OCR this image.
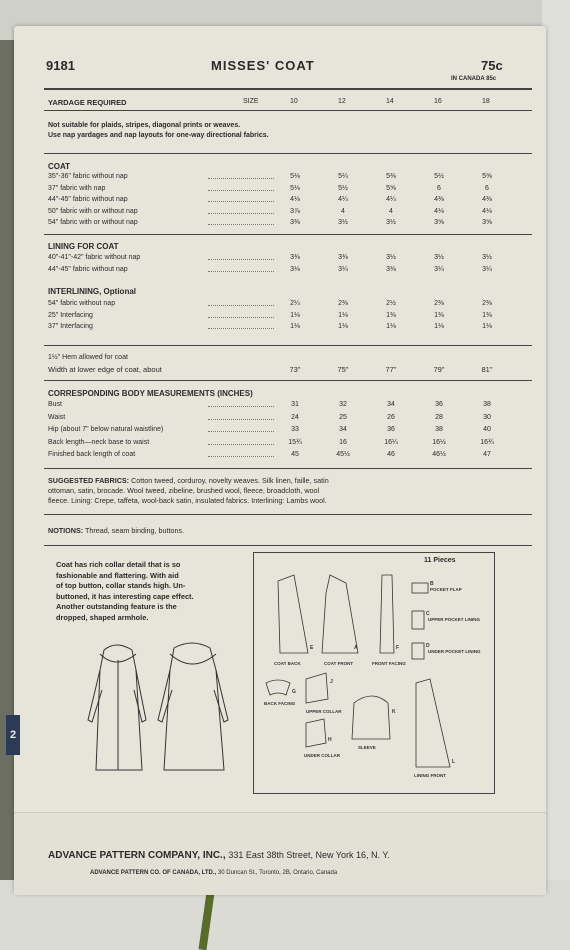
2
9181	MISSES' COAT	75c
IN CANADA 85c
YARDAGE REQUIRED	SIZE	10	12	14	16	18
Not suitable for plaids, stripes, diagonal prints or weaves.
Use nap yardages and nap layouts for one-way directional fabrics.
COAT
35"-36" fabric without nap	5⅛	5¼	5⅜	5½	5⅝
37" fabric with nap	5⅛	5½	5⅝	6	6
44"-45" fabric without nap	4⅛	4¼	4¼	4⅜	4⅜
50" fabric with or without nap	3⅞	4	4	4⅛	4⅛
54" fabric with or without nap	3⅜	3½	3½	3⅝	3⅝
LINING FOR COAT
40"-41"-42" fabric without nap	3⅜	3⅜	3½	3½	3½
44"-45" fabric without nap	3⅛	3¼	3⅜	3¼	3¼
INTERLINING, Optional
54" fabric without nap	2¼	2⅜	2½	2⅜	2⅜
25" Interfacing	1⅛	1⅛	1⅜	1⅜	1⅜
37" Interfacing	1⅛	1⅛	1⅛	1⅛	1⅛
1½" Hem allowed for coat
Width at lower edge of coat, about	73"	75"	77"	79"	81"
CORRESPONDING BODY MEASUREMENTS (INCHES)
Bust	31	32	34	36	38
Waist	24	25	26	28	30
Hip (about 7" below natural waistline)	33	34	36	38	40
Back length—neck base to waist	15¾	16	16¼	16½	16¾
Finished back length of coat	45	45½	46	46½	47
SUGGESTED FABRICS: Cotton tweed, corduroy, novelty weaves. Silk linen, faille, satin
ottoman, satin, brocade. Wool tweed, zibeline, brushed wool, fleece, broadcloth, wool
fleece. Lining: Crepe, taffeta, wool-back satin, insulated fabrics. Interlining: Lambs wool.
NOTIONS: Thread, seam binding, buttons.
Coat has rich collar detail that is so
fashionable and flattering. With aid
of top button, collar stands high. Un-
buttoned, it has interesting cape effect.
Another outstanding feature is the
dropped, shaped armhole.
11 Pieces
COAT BACK	COAT FRONT	FRONT FACING
POCKET FLAP
UPPER POCKET LINING
UNDER POCKET LINING
BACK FACING
UPPER COLLAR
UNDER COLLAR
SLEEVE
LINING FRONT
A
B
C
D
E	F
G
H
J
K
L
ADVANCE PATTERN COMPANY, INC., 331 East 38th Street, New York 16, N. Y.
ADVANCE PATTERN CO. OF CANADA, LTD., 30 Duncan St., Toronto, 2B, Ontario, Canada
